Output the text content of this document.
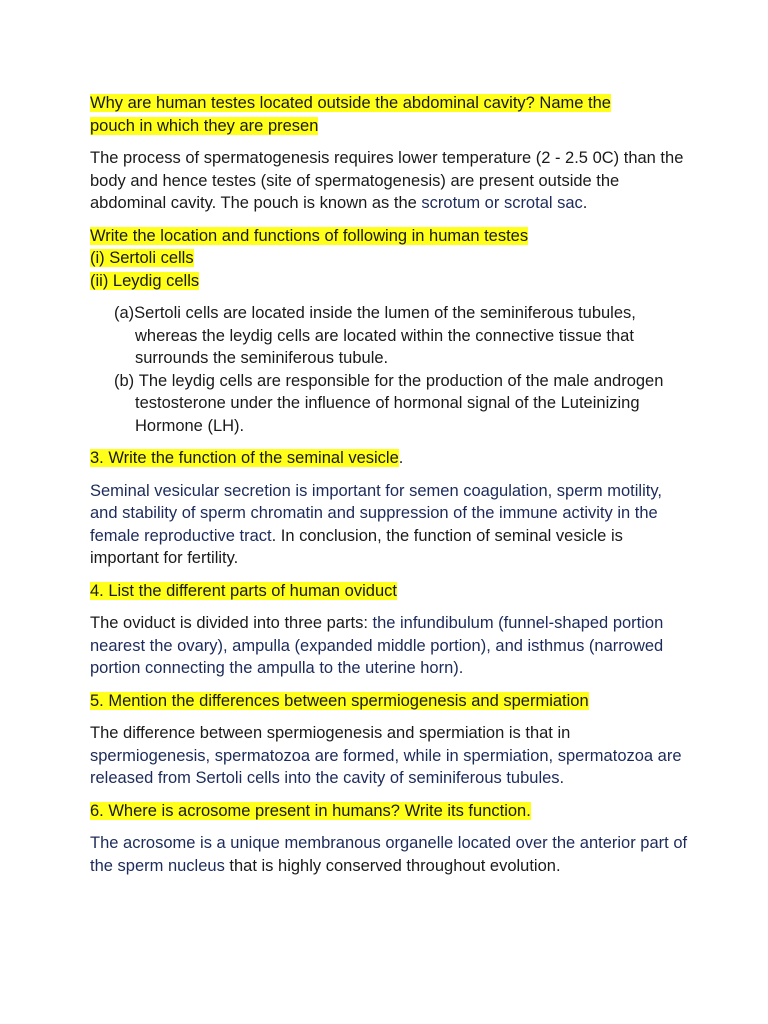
Why are human testes located outside the abdominal cavity? Name the
pouch in which they are presen
The process of spermatogenesis requires lower temperature (2 - 2.5 0C) than the body and hence testes (site of spermatogenesis) are present outside the abdominal cavity. The pouch is known as the scrotum or scrotal sac.
Write the location and functions of following in human testes
(i) Sertoli cells
(ii) Leydig cells
(a)Sertoli cells are located inside the lumen of the seminiferous tubules, whereas the leydig cells are located within the connective tissue that surrounds the seminiferous tubule.
(b) The leydig cells are responsible for the production of the male androgen testosterone under the influence of hormonal signal of the Luteinizing Hormone (LH).
3. Write the function of the seminal vesicle.
Seminal vesicular secretion is important for semen coagulation, sperm motility, and stability of sperm chromatin and suppression of the immune activity in the female reproductive tract. In conclusion, the function of seminal vesicle is important for fertility.
4. List the different parts of human oviduct
The oviduct is divided into three parts: the infundibulum (funnel-shaped portion nearest the ovary), ampulla (expanded middle portion), and isthmus (narrowed portion connecting the ampulla to the uterine horn).
5. Mention the differences between spermiogenesis and spermiation
The difference between spermiogenesis and spermiation is that in spermiogenesis, spermatozoa are formed, while in spermiation, spermatozoa are released from Sertoli cells into the cavity of seminiferous tubules.
6. Where is acrosome present in humans? Write its function.
The acrosome is a unique membranous organelle located over the anterior part of the sperm nucleus that is highly conserved throughout evolution.
